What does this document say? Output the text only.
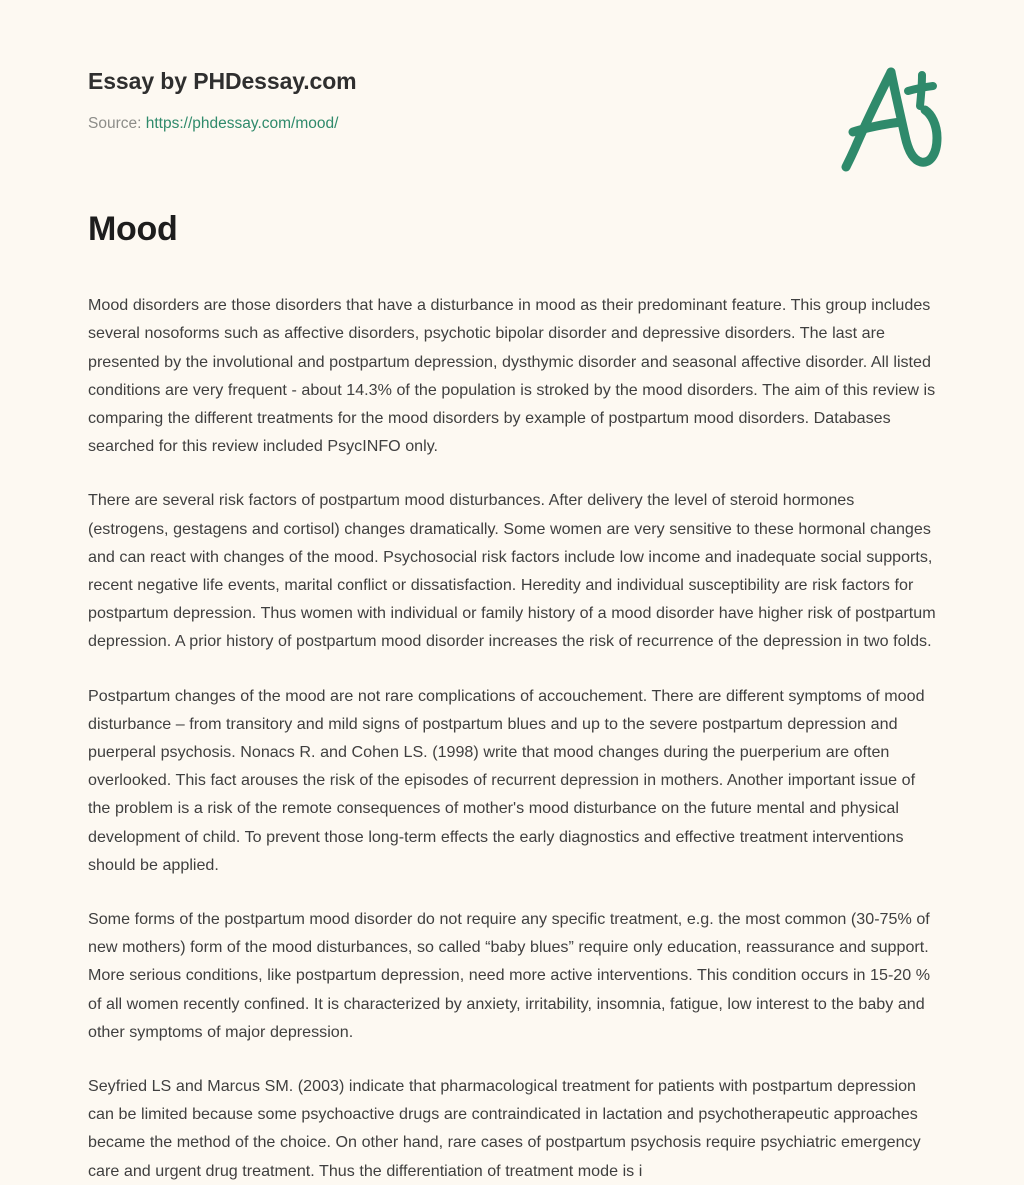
Essay by PHDessay.com
Source: https://phdessay.com/mood/
Mood

Mood disorders are those disorders that have a disturbance in mood as their predominant feature. This group includes several nosoforms such as affective disorders, psychotic bipolar disorder and depressive disorders. The last are presented by the involutional and postpartum depression, dysthymic disorder and seasonal affective disorder. All listed conditions are very frequent - about 14.3% of the population is stroked by the mood disorders. The aim of this review is comparing the different treatments for the mood disorders by example of postpartum mood disorders. Databases searched for this review included PsycINFO only.

There are several risk factors of postpartum mood disturbances. After delivery the level of steroid hormones (estrogens, gestagens and cortisol) changes dramatically. Some women are very sensitive to these hormonal changes and can react with changes of the mood. Psychosocial risk factors include low income and inadequate social supports, recent negative life events, marital conflict or dissatisfaction. Heredity and individual susceptibility are risk factors for postpartum depression. Thus women with individual or family history of a mood disorder have higher risk of postpartum depression. A prior history of postpartum mood disorder increases the risk of recurrence of the depression in two folds.

Postpartum changes of the mood are not rare complications of accouchement. There are different symptoms of mood disturbance – from transitory and mild signs of postpartum blues and up to the severe postpartum depression and puerperal psychosis. Nonacs R. and Cohen LS. (1998) write that mood changes during the puerperium are often overlooked. This fact arouses the risk of the episodes of recurrent depression in mothers. Another important issue of the problem is a risk of the remote consequences of mother's mood disturbance on the future mental and physical development of child. To prevent those long-term effects the early diagnostics and effective treatment interventions should be applied.

Some forms of the postpartum mood disorder do not require any specific treatment, e.g. the most common (30-75% of new mothers) form of the mood disturbances, so called “baby blues” require only education, reassurance and support. More serious conditions, like postpartum depression, need more active interventions. This condition occurs in 15-20 % of all women recently confined. It is characterized by anxiety, irritability, insomnia, fatigue, low interest to the baby and other symptoms of major depression.

Seyfried LS and Marcus SM. (2003) indicate that pharmacological treatment for patients with postpartum depression can be limited because some psychoactive drugs are contraindicated in lactation and psychotherapeutic approaches became the method of the choice. On other hand, rare cases of postpartum psychosis require psychiatric emergency care and urgent drug treatment. Thus the differentiation of treatment mode is i
